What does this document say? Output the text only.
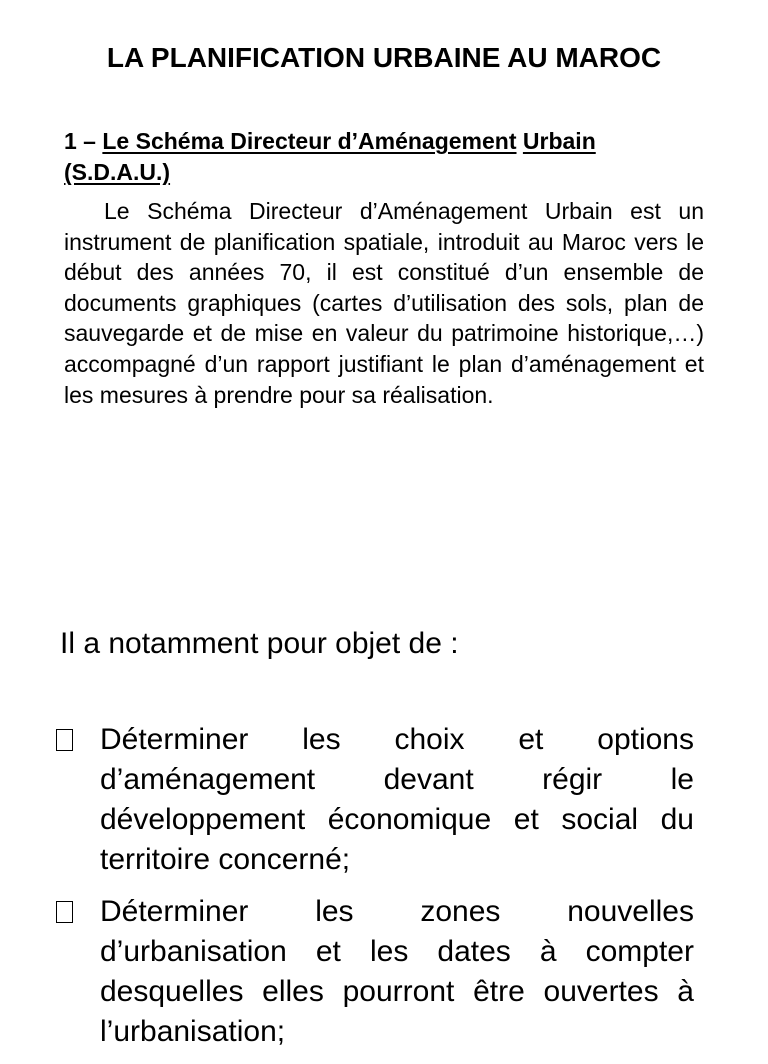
LA PLANIFICATION URBAINE AU MAROC
1 – Le Schéma Directeur d’Aménagement Urbain (S.D.A.U.)

Le Schéma Directeur d’Aménagement Urbain est un instrument de planification spatiale, introduit au Maroc vers le début des années 70, il est constitué d’un ensemble de documents graphiques (cartes d’utilisation des sols, plan de sauvegarde et de mise en valeur du patrimoine historique,…) accompagné d’un rapport justifiant le plan d’aménagement et les mesures à prendre pour sa réalisation.

Il a notamment pour objet de :
Déterminer les choix et options d’aménagement devant régir le développement économique et social du territoire concerné;
Déterminer les zones nouvelles d’urbanisation et les dates à compter desquelles elles pourront être ouvertes à l’urbanisation;
